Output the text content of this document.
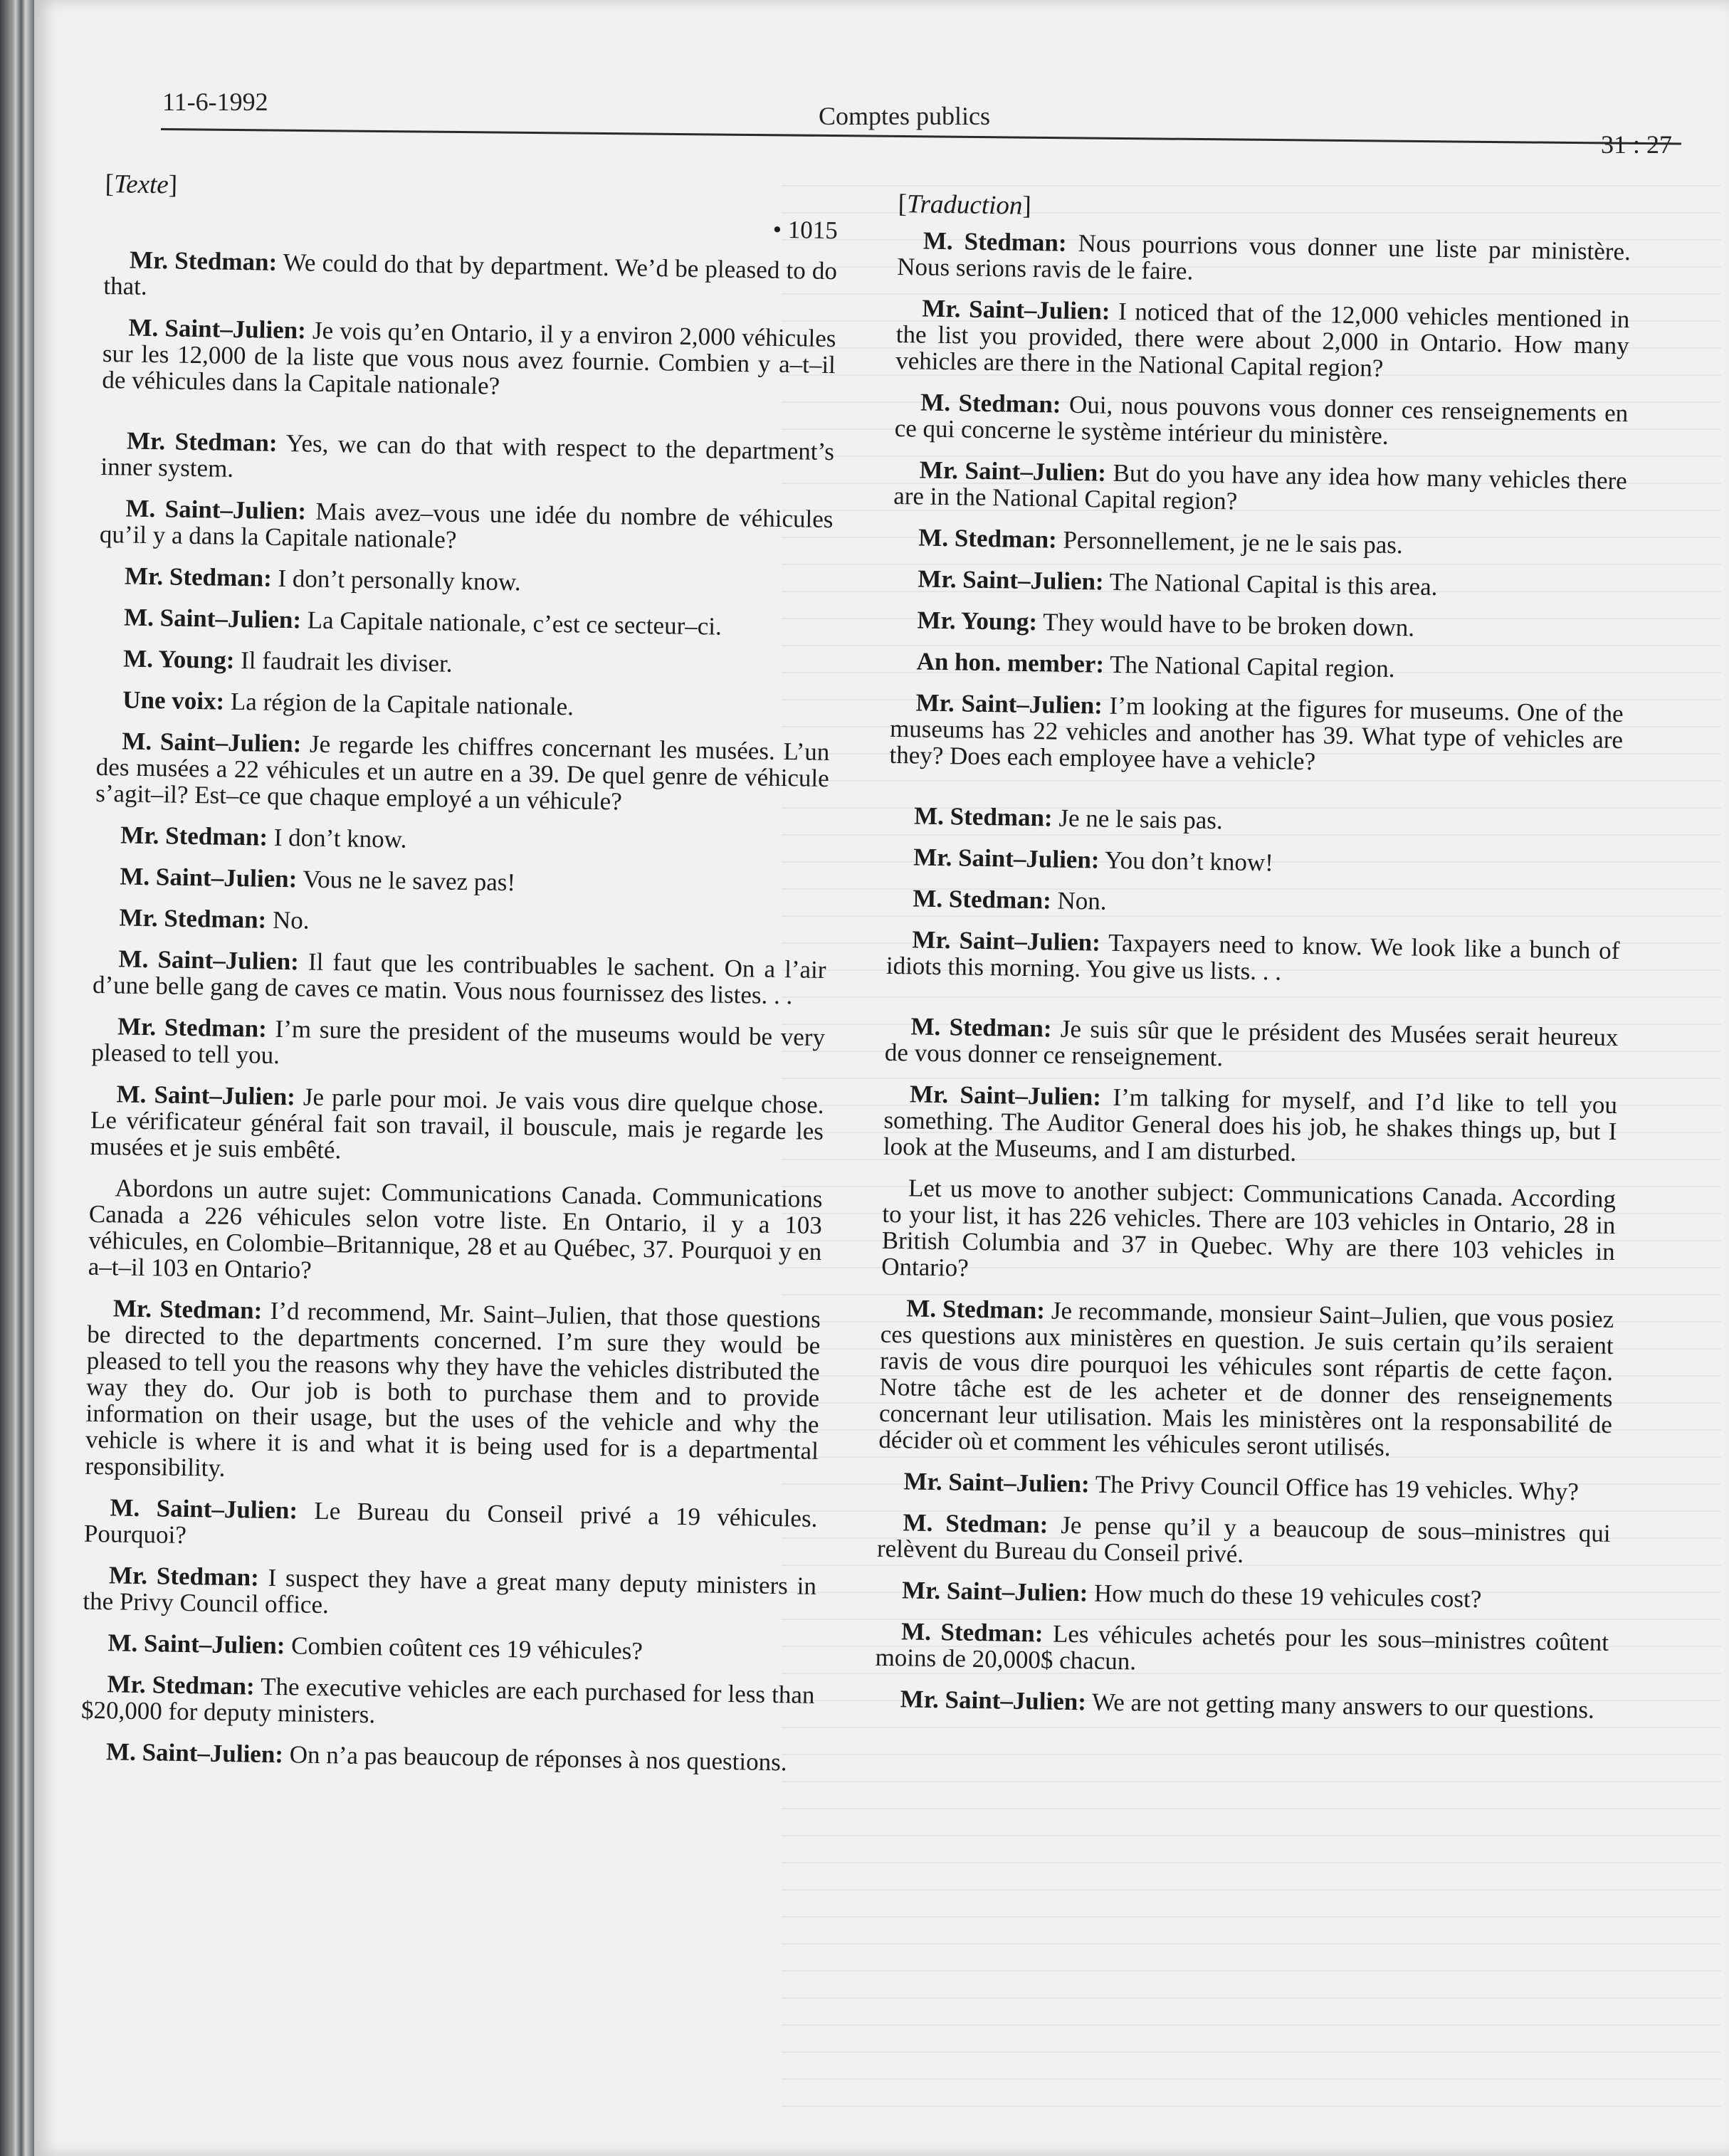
11-6-1992	Comptes publics
31 : 27
[Texte]
• 1015
Mr. Stedman: We could do that by department. We’d be pleased to do that.
M. Saint–Julien: Je vois qu’en Ontario, il y a environ 2,000 véhicules sur les 12,000 de la liste que vous nous avez fournie. Combien y a–t–il de véhicules dans la Capitale nationale?
Mr. Stedman: Yes, we can do that with respect to the department’s inner system.
M. Saint–Julien: Mais avez–vous une idée du nombre de véhicules qu’il y a dans la Capitale nationale?
Mr. Stedman: I don’t personally know.
M. Saint–Julien: La Capitale nationale, c’est ce secteur–ci.
M. Young: Il faudrait les diviser.
Une voix: La région de la Capitale nationale.
M. Saint–Julien: Je regarde les chiffres concernant les musées. L’un des musées a 22 véhicules et un autre en a 39. De quel genre de véhicule s’agit–il? Est–ce que chaque employé a un véhicule?
Mr. Stedman: I don’t know.
M. Saint–Julien: Vous ne le savez pas!
Mr. Stedman: No.
M. Saint–Julien: Il faut que les contribuables le sachent. On a l’air d’une belle gang de caves ce matin. Vous nous fournissez des listes. . .
Mr. Stedman: I’m sure the president of the museums would be very pleased to tell you.
M. Saint–Julien: Je parle pour moi. Je vais vous dire quelque chose. Le vérificateur général fait son travail, il bouscule, mais je regarde les musées et je suis embêté.
Abordons un autre sujet: Communications Canada. Communications Canada a 226 véhicules selon votre liste. En Ontario, il y a 103 véhicules, en Colombie–Britannique, 28 et au Québec, 37. Pourquoi y en a–t–il 103 en Ontario?
Mr. Stedman: I’d recommend, Mr. Saint–Julien, that those questions be directed to the departments concerned. I’m sure they would be pleased to tell you the reasons why they have the vehicles distributed the way they do. Our job is both to purchase them and to provide information on their usage, but the uses of the vehicle and why the vehicle is where it is and what it is being used for is a departmental responsibility.
M. Saint–Julien: Le Bureau du Conseil privé a 19 véhicules. Pourquoi?
Mr. Stedman: I suspect they have a great many deputy ministers in the Privy Council office.
M. Saint–Julien: Combien coûtent ces 19 véhicules?
Mr. Stedman: The executive vehicles are each purchased for less than $20,000 for deputy ministers.
M. Saint–Julien: On n’a pas beaucoup de réponses à nos questions.
[Traduction]
M. Stedman: Nous pourrions vous donner une liste par ministère. Nous serions ravis de le faire.
Mr. Saint–Julien: I noticed that of the 12,000 vehicles mentioned in the list you provided, there were about 2,000 in Ontario. How many vehicles are there in the National Capital region?
M. Stedman: Oui, nous pouvons vous donner ces renseignements en ce qui concerne le système intérieur du ministère.
Mr. Saint–Julien: But do you have any idea how many vehicles there are in the National Capital region?
M. Stedman: Personnellement, je ne le sais pas.
Mr. Saint–Julien: The National Capital is this area.
Mr. Young: They would have to be broken down.
An hon. member: The National Capital region.
Mr. Saint–Julien: I’m looking at the figures for museums. One of the museums has 22 vehicles and another has 39. What type of vehicles are they? Does each employee have a vehicle?
M. Stedman: Je ne le sais pas.
Mr. Saint–Julien: You don’t know!
M. Stedman: Non.
Mr. Saint–Julien: Taxpayers need to know. We look like a bunch of idiots this morning. You give us lists. . .
M. Stedman: Je suis sûr que le président des Musées serait heureux de vous donner ce renseignement.
Mr. Saint–Julien: I’m talking for myself, and I’d like to tell you something. The Auditor General does his job, he shakes things up, but I look at the Museums, and I am disturbed.
Let us move to another subject: Communications Canada. According to your list, it has 226 vehicles. There are 103 vehicles in Ontario, 28 in British Columbia and 37 in Quebec. Why are there 103 vehicles in Ontario?
M. Stedman: Je recommande, monsieur Saint–Julien, que vous posiez ces questions aux ministères en question. Je suis certain qu’ils seraient ravis de vous dire pourquoi les véhicules sont répartis de cette façon. Notre tâche est de les acheter et de donner des renseignements concernant leur utilisation. Mais les ministères ont la responsabilité de décider où et comment les véhicules seront utilisés.
Mr. Saint–Julien: The Privy Council Office has 19 vehicles. Why?
M. Stedman: Je pense qu’il y a beaucoup de sous–ministres qui relèvent du Bureau du Conseil privé.
Mr. Saint–Julien: How much do these 19 vehicules cost?
M. Stedman: Les véhicules achetés pour les sous–ministres coûtent moins de 20,000$ chacun.
Mr. Saint–Julien: We are not getting many answers to our questions.
